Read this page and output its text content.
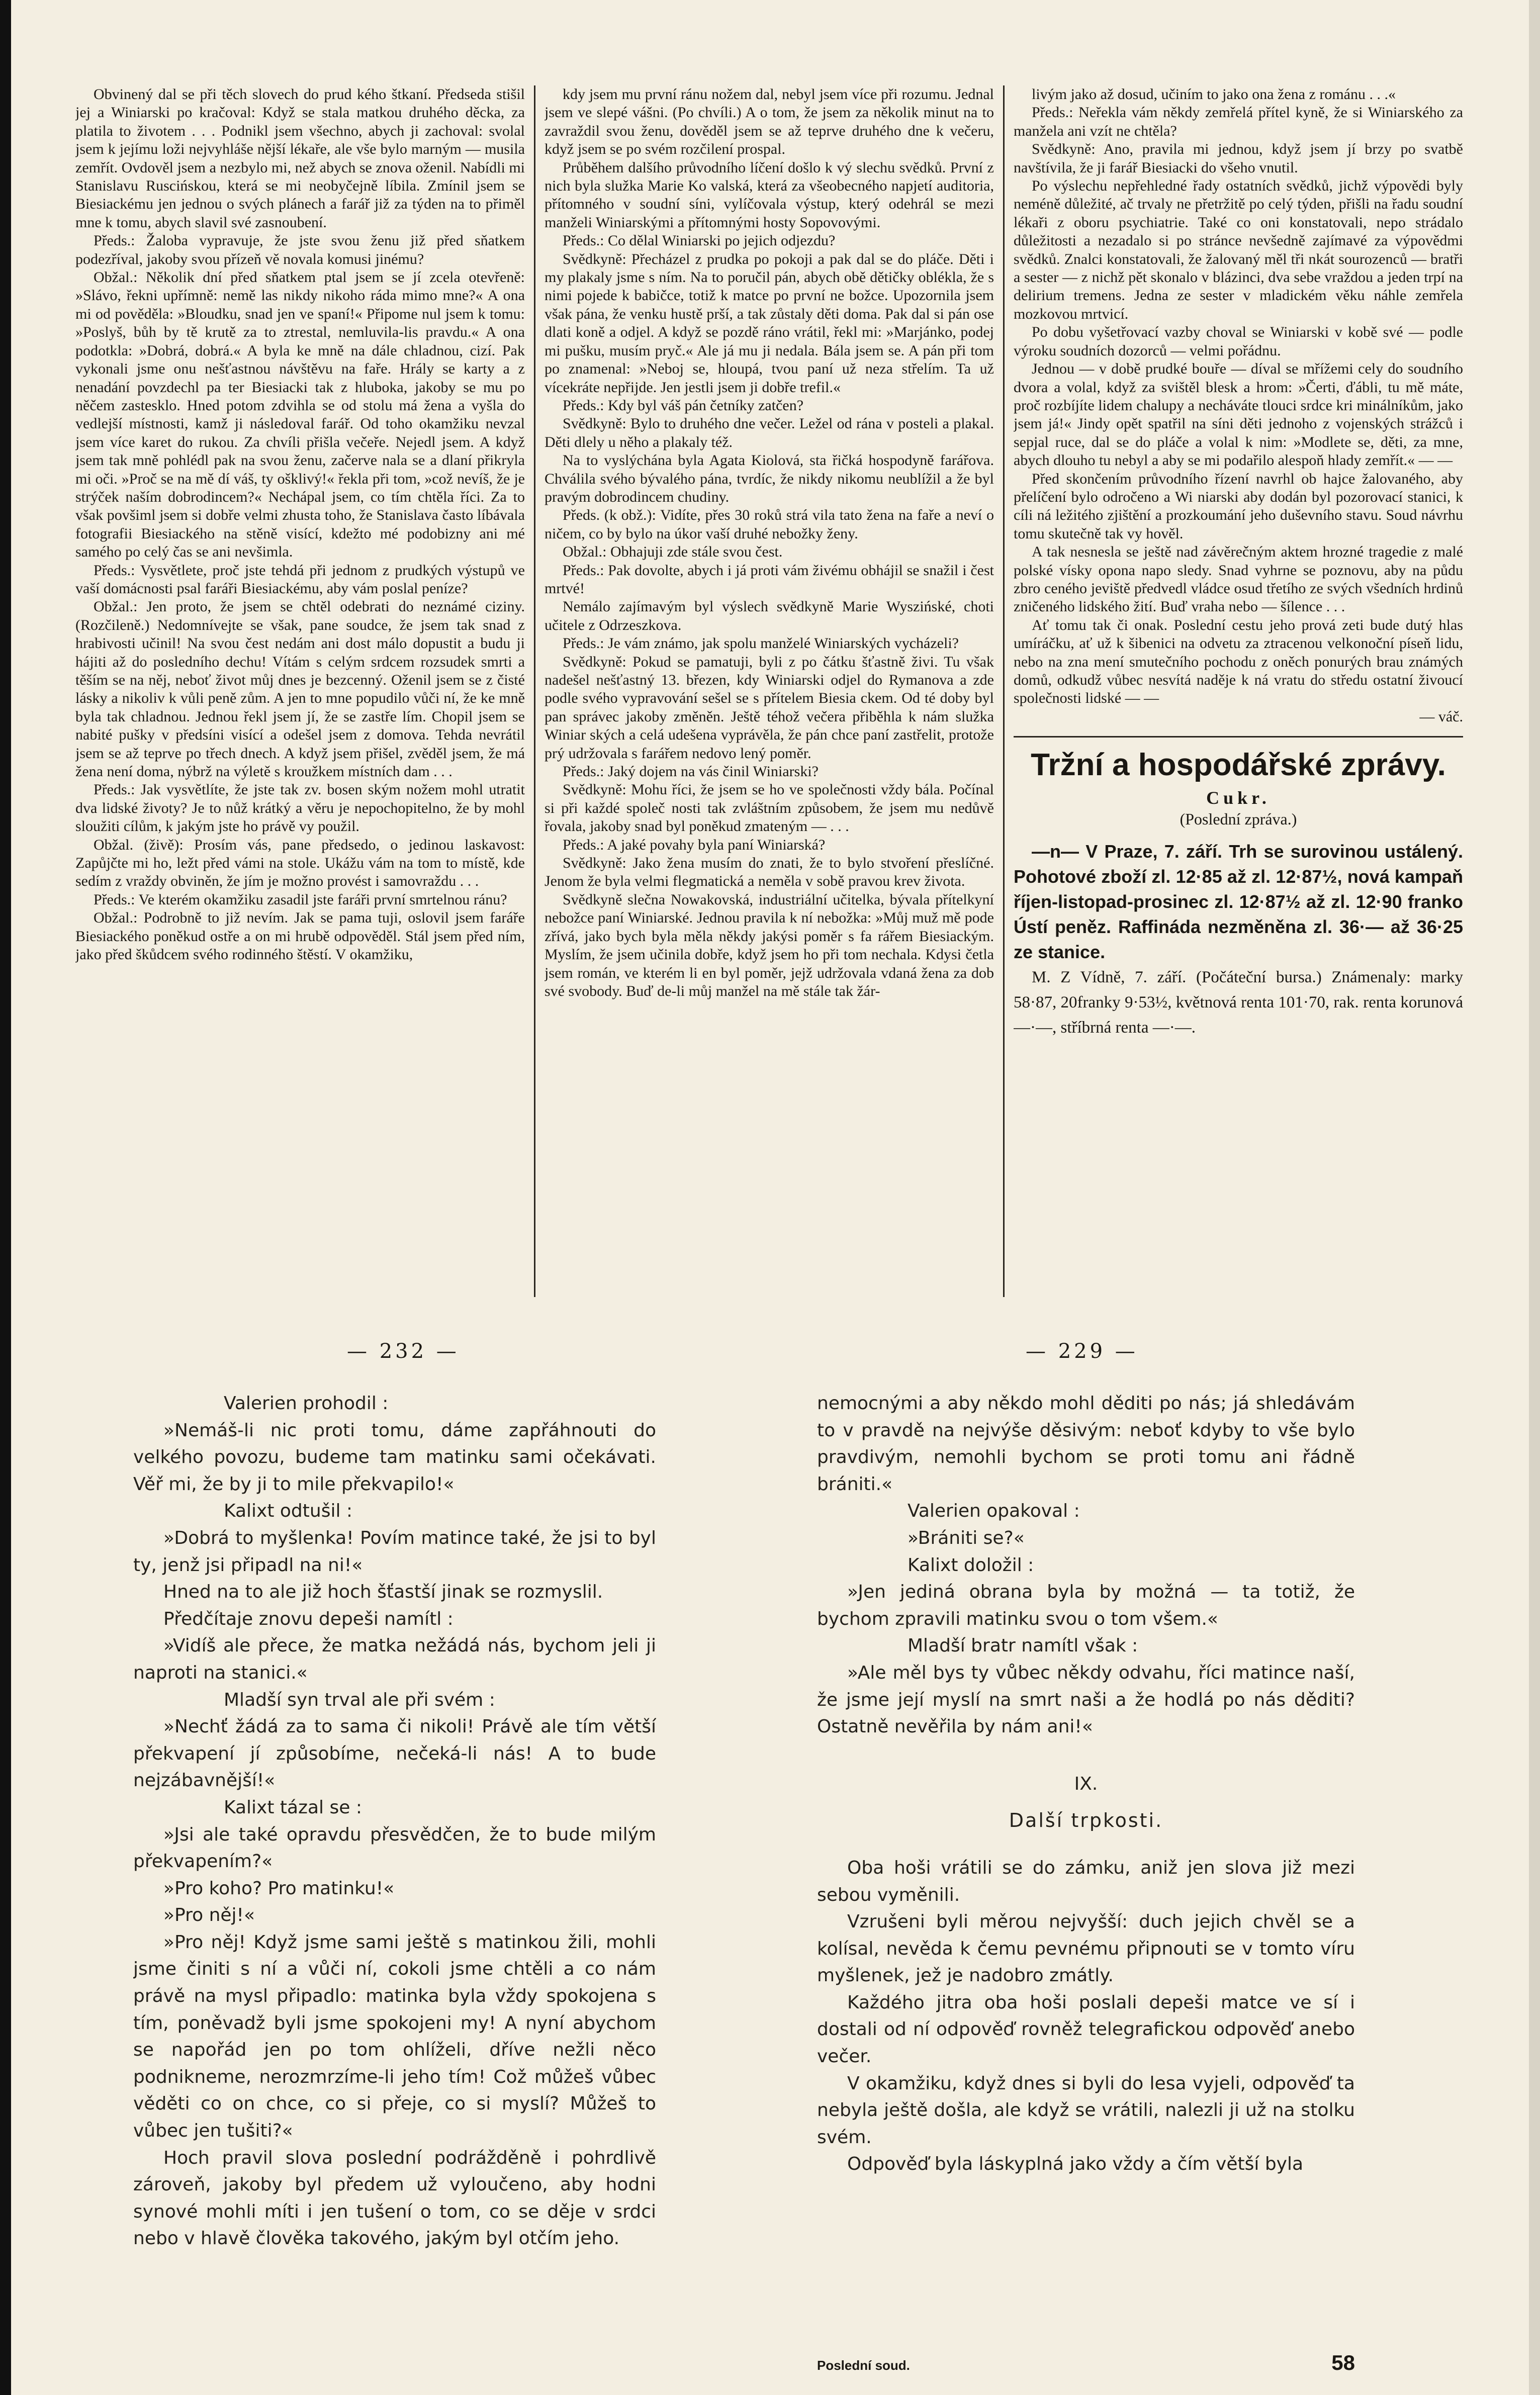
Obvinený dal se při těch slovech do prud kého štkaní. Předseda stišil jej a Winiarski po kračoval: Když se stala matkou druhého děcka, za platila to životem . . . Podnikl jsem všechno, abych ji zachoval: svolal jsem k jejímu loži nejvyhláše nější lékaře, ale vše bylo marným — musila zemřít. Ovdověl jsem a nezbylo mi, než abych se znova oženil. Nabídli mi Stanislavu Ruscińskou, která se mi neobyčejně líbila. Zmínil jsem se Biesiackému jen jednou o svých plánech a farář již za týden na to přiměl mne k tomu, abych slavil své zasnoubení.

Předs.: Žaloba vypravuje, že jste svou ženu již před sňatkem podezříval, jakoby svou přízeň vě novala komusi jinému?

Obžal.: Několik dní před sňatkem ptal jsem se jí zcela otevřeně: »Slávo, řekni upřímně: nemě las nikdy nikoho ráda mimo mne?« A ona mi od pověděla: »Bloudku, snad jen ve spaní!« Připome nul jsem k tomu: »Poslyš, bůh by tě krutě za to ztrestal, nemluvila-lis pravdu.« A ona podotkla: »Dobrá, dobrá.« A byla ke mně na dále chladnou, cizí. Pak vykonali jsme onu nešťastnou návštěvu na faře. Hrály se karty a z nenadání povzdechl pa ter Biesiacki tak z hluboka, jakoby se mu po něčem zastesklo. Hned potom zdvihla se od stolu má žena a vyšla do vedlejší místnosti, kamž ji následoval farář. Od toho okamžiku nevzal jsem více karet do rukou. Za chvíli přišla večeře. Nejedl jsem. A když jsem tak mně pohlédl pak na svou ženu, začerve nala se a dlaní přikryla mi oči. »Proč se na mě dí váš, ty ošklivý!« řekla při tom, »což nevíš, že je strýček naším dobrodincem?« Nechápal jsem, co tím chtěla říci. Za to však povšiml jsem si dobře velmi zhusta toho, že Stanislava často líbávala fotografii Biesiackého na stěně visící, kdežto mé podobizny ani mé samého po celý čas se ani nevšimla.

Předs.: Vysvětlete, proč jste tehdá při jednom z prudkých výstupů ve vaší domácnosti psal faráři Biesiackému, aby vám poslal peníze?

Obžal.: Jen proto, že jsem se chtěl odebrati do neznámé ciziny. (Rozčileně.) Nedomnívejte se však, pane soudce, že jsem tak snad z hrabivosti učinil! Na svou čest nedám ani dost málo dopustit a budu ji hájiti až do posledního dechu! Vítám s celým srdcem rozsudek smrti a těším se na něj, neboť život můj dnes je bezcenný. Oženil jsem se z čisté lásky a nikoliv k vůli peně zům. A jen to mne popudilo vůči ní, že ke mně byla tak chladnou. Jednou řekl jsem jí, že se zastře lím. Chopil jsem se nabité pušky v předsíni visící a odešel jsem z domova. Tehda nevrátil jsem se až teprve po třech dnech. A když jsem přišel, zvěděl jsem, že má žena není doma, nýbrž na výletě s kroužkem místních dam . . .

Předs.: Jak vysvětlíte, že jste tak zv. bosen ským nožem mohl utratit dva lidské životy? Je to nůž krátký a věru je nepochopitelno, že by mohl sloužiti cílům, k jakým jste ho právě vy použil.

Obžal. (živě): Prosím vás, pane předsedo, o jedinou laskavost: Zapůjčte mi ho, ležt před vámi na stole. Ukážu vám na tom to místě, kde sedím z vraždy obviněn, že jím je možno provést i samovraždu . . .

Předs.: Ve kterém okamžiku zasadil jste faráři první smrtelnou ránu?

Obžal.: Podrobně to již nevím. Jak se pama tuji, oslovil jsem faráře Biesiackého poněkud ostře a on mi hrubě odpověděl. Stál jsem před ním, jako před škůdcem svého rodinného štěstí. V okamžiku,

kdy jsem mu první ránu nožem dal, nebyl jsem více při rozumu. Jednal jsem ve slepé vášni. (Po chvíli.) A o tom, že jsem za několik minut na to zavraždil svou ženu, dověděl jsem se až teprve druhého dne k večeru, když jsem se po svém rozčilení prospal.

Průběhem dalšího průvodního líčení došlo k vý slechu svědků. První z nich byla služka Marie Ko valská, která za všeobecného napjetí auditoria, přítomného v soudní síni, vylíčovala výstup, který odehrál se mezi manželi Winiarskými a přítomnými hosty Sopovovými.

Předs.: Co dělal Winiarski po jejich odjezdu?

Svědkyně: Přecházel z prudka po pokoji a pak dal se do pláče. Děti i my plakaly jsme s ním. Na to poručil pán, abych obě dětičky oblékla, že s nimi pojede k babičce, totiž k matce po první ne božce. Upozornila jsem však pána, že venku hustě prší, a tak zůstaly děti doma. Pak dal si pán ose dlati koně a odjel. A když se pozdě ráno vrátil, řekl mi: »Marjánko, podej mi pušku, musím pryč.« Ale já mu ji nedala. Bála jsem se. A pán při tom po znamenal: »Neboj se, hloupá, tvou paní už neza střelím. Ta už vícekráte nepřijde. Jen jestli jsem ji dobře trefil.«

Předs.: Kdy byl váš pán četníky zatčen?

Svědkyně: Bylo to druhého dne večer. Ležel od rána v posteli a plakal. Děti dlely u něho a plakaly též.

Na to vyslýchána byla Agata Kiolová, sta řičká hospodyně farářova. Chválila svého bývalého pána, tvrdíc, že nikdy nikomu neublížil a že byl pravým dobrodincem chudiny.

Předs. (k obž.): Vidíte, přes 30 roků strá vila tato žena na faře a neví o ničem, co by bylo na úkor vaší druhé nebožky ženy.

Obžal.: Obhajuji zde stále svou čest.

Předs.: Pak dovolte, abych i já proti vám živému obhájil se snažil i čest mrtvé!

Nemálo zajímavým byl výslech svědkyně Marie Wyszińské, choti učitele z Odrzeszkova.

Předs.: Je vám známo, jak spolu manželé Winiarských vycházeli?

Svědkyně: Pokud se pamatuji, byli z po čátku šťastně živi. Tu však nadešel nešťastný 13. březen, kdy Winiarski odjel do Rymanova a zde podle svého vypravování sešel se s přítelem Biesia ckem. Od té doby byl pan správec jakoby změněn. Ještě téhož večera přiběhla k nám služka Winiar ských a celá udešena vyprávěla, že pán chce paní zastřelit, protože prý udržovala s farářem nedovo lený poměr.

Předs.: Jaký dojem na vás činil Winiarski?

Svědkyně: Mohu říci, že jsem se ho ve společnosti vždy bála. Počínal si při každé společ nosti tak zvláštním způsobem, že jsem mu nedůvě řovala, jakoby snad byl poněkud zmateným — . . .

Předs.: A jaké povahy byla paní Winiarská?

Svědkyně: Jako žena musím do znati, že to bylo stvoření přeslíčné. Jenom že byla velmi flegmatická a neměla v sobě pravou krev života.

Svědkyně slečna Nowakovská, industriální učitelka, bývala přítelkyní nebožce paní Winiarské. Jednou pravila k ní nebožka: »Můj muž mě pode zřívá, jako bych byla měla někdy jakýsi poměr s fa rářem Biesiackým. Myslím, že jsem učinila dobře, když jsem ho při tom nechala. Kdysi četla jsem román, ve kterém li en byl poměr, jejž udržovala vdaná žena za dob své svobody. Buď de-li můj manžel na mě stále tak žár-

livým jako až dosud, učiním to jako ona žena z románu . . .«

Předs.: Neřekla vám někdy zemřelá přítel kyně, že si Winiarského za manžela ani vzít ne chtěla?

Svědkyně: Ano, pravila mi jednou, když jsem jí brzy po svatbě navštívila, že ji farář Biesiacki do všeho vnutil.

Po výslechu nepřehledné řady ostatních svědků, jichž výpovědi byly neméně důležité, ač trvaly ne přetržitě po celý týden, přišli na řadu soudní lékaři z oboru psychiatrie. Také co oni konstatovali, nepo strádalo důležitosti a nezadalo si po stránce nevšedně zajímavé za výpovědmi svědků. Znalci konstatovali, že žalovaný měl tři nkát sourozenců — bratři a sester — z nichž pět skonalo v blázinci, dva sebe vraždou a jeden trpí na delirium tremens. Jedna ze sester v mladickém věku náhle zemřela mozkovou mrtvicí.

Po dobu vyšetřovací vazby choval se Winiarski v kobě své — podle výroku soudních dozorců — velmi pořádnu.

Jednou — v době prudké bouře — díval se mřížemi cely do soudního dvora a volal, když za svištěl blesk a hrom: »Čerti, ďábli, tu mě máte, proč rozbíjíte lidem chalupy a necháváte tlouci srdce kri minálníkům, jako jsem já!« Jindy opět spatřil na síni děti jednoho z vojenských strážců i sepjal ruce, dal se do pláče a volal k nim: »Modlete se, děti, za mne, abych dlouho tu nebyl a aby se mi podařilo alespoň hlady zemřít.« — —

Před skončením průvodního řízení navrhl ob hajce žalovaného, aby přelíčení bylo odročeno a Wi niarski aby dodán byl pozorovací stanici, k cíli ná ležitého zjištění a prozkoumání jeho duševního stavu. Soud návrhu tomu skutečně tak vy hověl.

A tak nesnesla se ještě nad závěrečným aktem hrozné tragedie z malé polské vísky opona napo sledy. Snad vyhrne se poznovu, aby na půdu zbro ceného jeviště předvedl vládce osud třetího ze svých všedních hrdinů zničeného lidského žití. Buď vraha nebo — šílence . . .

Ať tomu tak či onak. Poslední cestu jeho prová zeti bude dutý hlas umíráčku, ať už k šibenici na odvetu za ztracenou velkonoční píseň lidu, nebo na zna mení smutečního pochodu z oněch ponurých brau známých domů, odkudž vůbec nesvítá naděje k ná vratu do středu ostatní živoucí společnosti lidské — —

— váč.

Tržní a hospodářské zprávy.
Cukr.
(Poslední zpráva.)

—n— V Praze, 7. září. Trh se surovinou ustálený. Pohotové zboží zl. 12·85 až zl. 12·87½, nová kampaň říjen-listopad-prosinec zl. 12·87½ až zl. 12·90 franko Ústí peněz. Raffináda nezměněna zl. 36·— až 36·25 ze stanice.

M. Z Vídně, 7. září. (Počáteční bursa.) Známenaly: marky 58·87, 20franky 9·53½, květnová renta 101·70, rak. renta korunová —·—, stříbrná renta —·—.

— 232 —	— 229 —

Valerien prohodil :

»Nemáš-li nic proti tomu, dáme zapřáhnouti do velkého povozu, budeme tam matinku sami očekávati. Věř mi, že by ji to mile překvapilo!«

Kalixt odtušil :

»Dobrá to myšlenka! Povím matince také, že jsi to byl ty, jenž jsi připadl na ni!«

Hned na to ale již hoch šťastší jinak se rozmyslil.

Předčítaje znovu depeši namítl :

»Vidíš ale přece, že matka nežádá nás, bychom jeli ji naproti na stanici.«

Mladší syn trval ale při svém :

»Nechť žádá za to sama či nikoli! Právě ale tím větší překvapení jí způsobíme, nečeká-li nás! A to bude nejzábavnější!«

Kalixt tázal se :

»Jsi ale také opravdu přesvědčen, že to bude milým překvapením?«

»Pro koho? Pro matinku!«

»Pro něj!«

»Pro něj! Když jsme sami ještě s matinkou žili, mohli jsme činiti s ní a vůči ní, cokoli jsme chtěli a co nám právě na mysl připadlo: matinka byla vždy spokojena s tím, poněvadž byli jsme spokojeni my! A nyní abychom se napořád jen po tom ohlíželi, dříve nežli něco podnikneme, nerozmrzíme-li jeho tím! Což můžeš vůbec věděti co on chce, co si přeje, co si myslí? Můžeš to vůbec jen tušiti?«

Hoch pravil slova poslední podrážděně i pohrdlivě zároveň, jakoby byl předem už vyloučeno, aby hodni synové mohli míti i jen tušení o tom, co se děje v srdci nebo v hlavě člověka takového, jakým byl otčím jeho.

nemocnými a aby někdo mohl děditi po nás; já shledávám to v pravdě na nejvýše děsivým: neboť kdyby to vše bylo pravdivým, nemohli bychom se proti tomu ani řádně brániti.«

Valerien opakoval :

»Brániti se?«

Kalixt doložil :

»Jen jediná obrana byla by možná — ta totiž, že bychom zpravili matinku svou o tom všem.«

Mladší bratr namítl však :

»Ale měl bys ty vůbec někdy odvahu, říci matince naší, že jsme její myslí na smrt naši a že hodlá po nás děditi? Ostatně nevěřila by nám ani!«

IX.
Další trpkosti.

Oba hoši vrátili se do zámku, aniž jen slova již mezi sebou vyměnili.

Vzrušeni byli měrou nejvyšší: duch jejich chvěl se a kolísal, nevěda k čemu pevnému připnouti se v tomto víru myšlenek, jež je nadobro zmátly.

Každého jitra oba hoši poslali depeši matce ve sí i dostali od ní odpověď rovněž telegrafickou odpověď anebo večer.

V okamžiku, když dnes si byli do lesa vyjeli, odpověď ta nebyla ještě došla, ale když se vrátili, nalezli ji už na stolku svém.

Odpověď byla láskyplná jako vždy a čím větší byla

Poslední soud.	58
